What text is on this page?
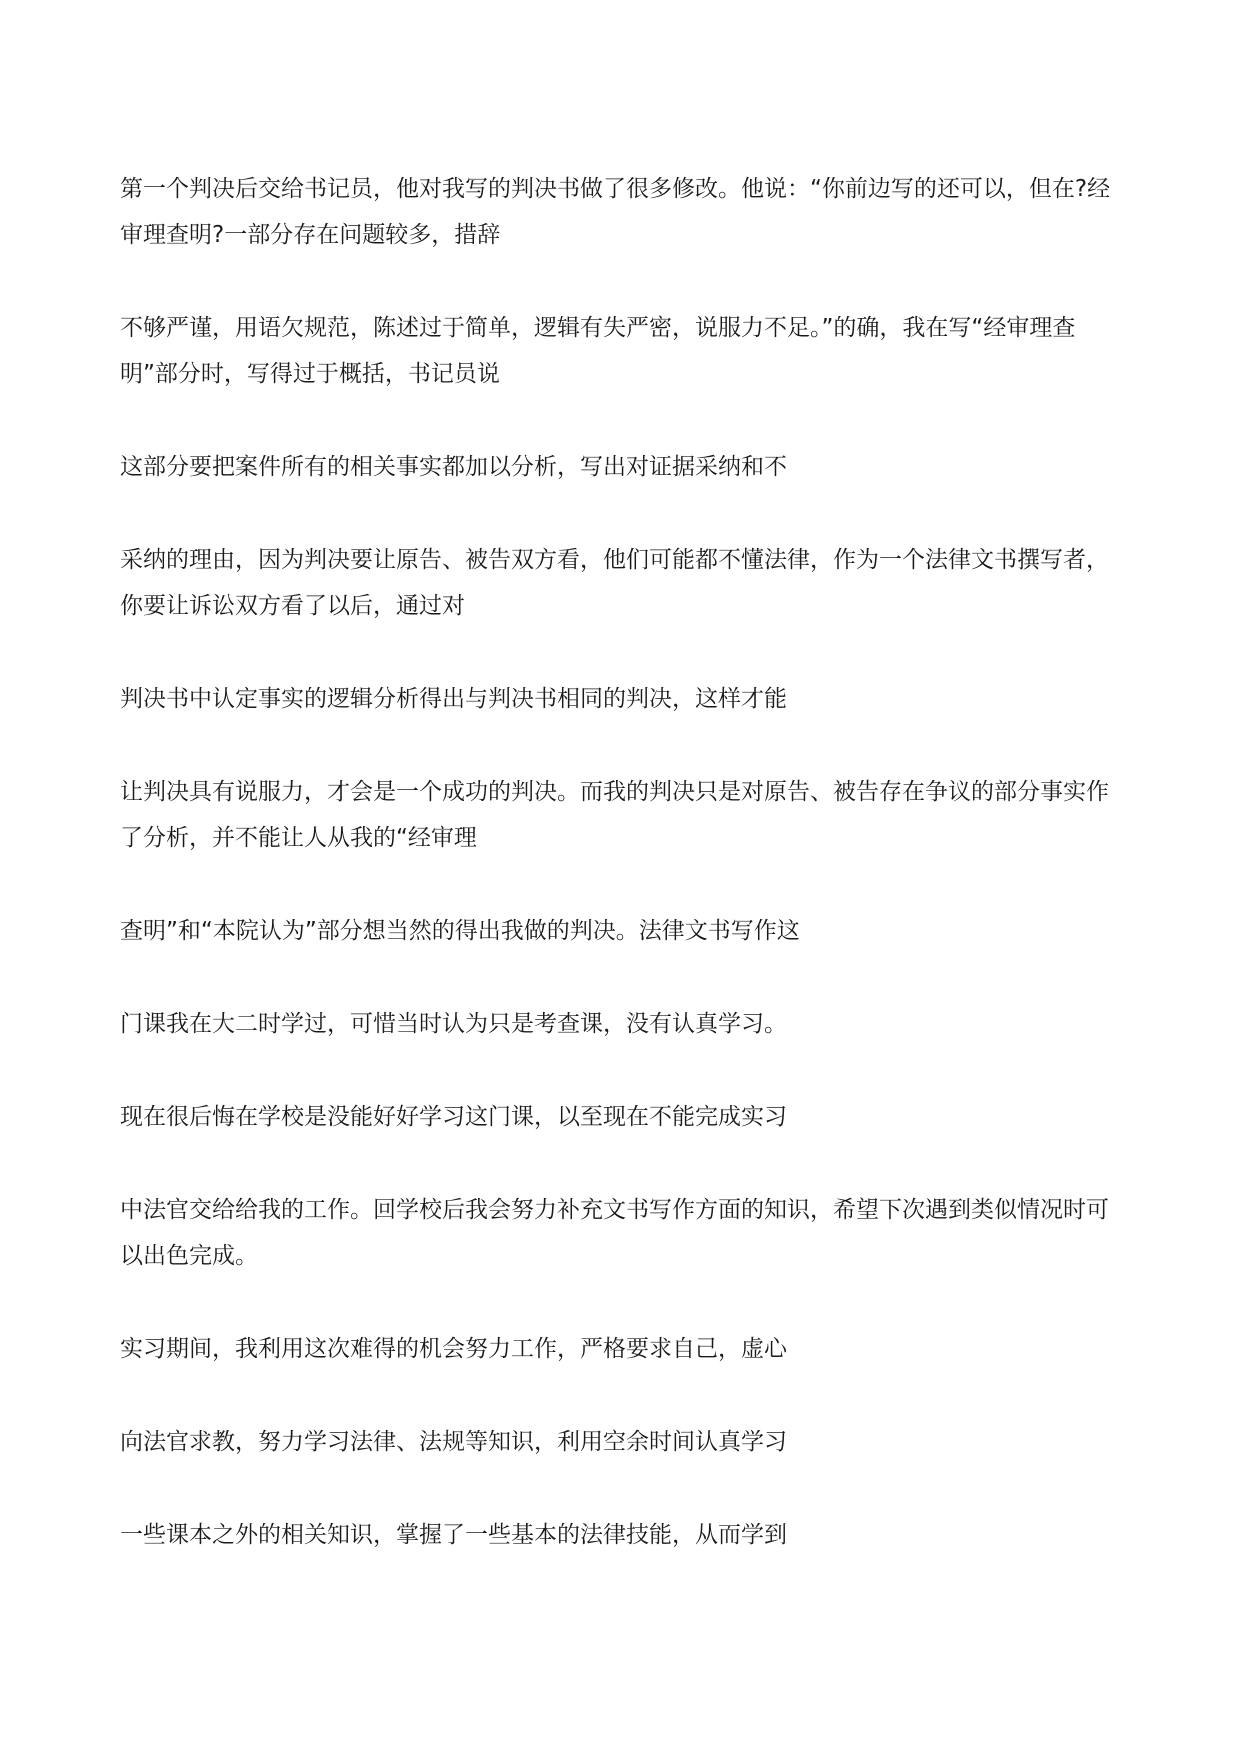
第一个判决后交给书记员，他对我写的判决书做了很多修改。他说：“你前边写的还可以，但在?经审理查明?一部分存在问题较多，措辞

不够严谨，用语欠规范，陈述过于简单，逻辑有失严密，说服力不足。”的确，我在写“经审理查明”部分时，写得过于概括，书记员说

这部分要把案件所有的相关事实都加以分析，写出对证据采纳和不

采纳的理由，因为判决要让原告、被告双方看，他们可能都不懂法律，作为一个法律文书撰写者，你要让诉讼双方看了以后，通过对

判决书中认定事实的逻辑分析得出与判决书相同的判决，这样才能

让判决具有说服力，才会是一个成功的判决。而我的判决只是对原告、被告存在争议的部分事实作了分析，并不能让人从我的“经审理

查明”和“本院认为”部分想当然的得出我做的判决。法律文书写作这

门课我在大二时学过，可惜当时认为只是考查课，没有认真学习。

现在很后悔在学校是没能好好学习这门课，以至现在不能完成实习

中法官交给给我的工作。回学校后我会努力补充文书写作方面的知识，希望下次遇到类似情况时可以出色完成。

实习期间，我利用这次难得的机会努力工作，严格要求自己，虚心

向法官求教，努力学习法律、法规等知识，利用空余时间认真学习

一些课本之外的相关知识，掌握了一些基本的法律技能，从而学到
